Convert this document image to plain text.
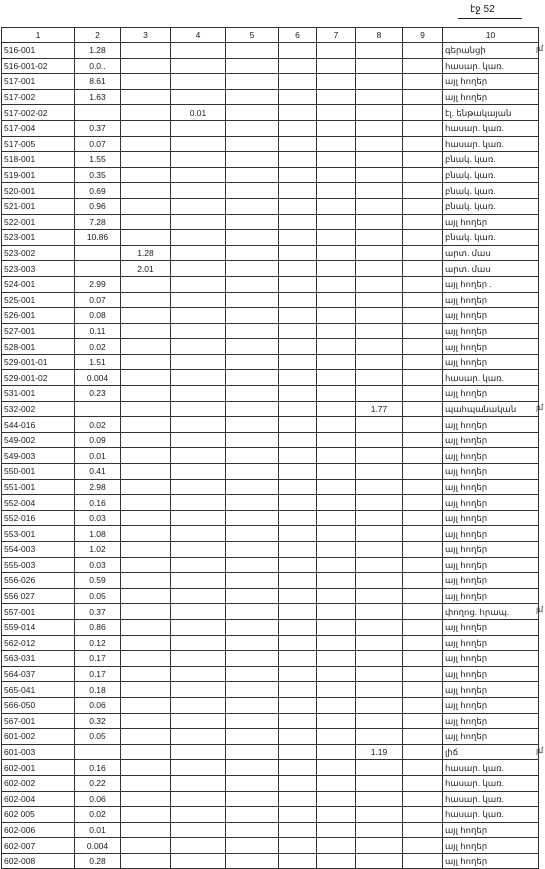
էջ 52
1	2	3	4	5	6	7	8	9	10
516-001	1.28								գերանցի
516-001-02	0.0..								հասար. կառ.
517-001	8.61								այլ հողեր
517-002	1.63								այլ հողեր
517-002-02			0.01						էլ. ենթակայան
517-004	0.37								հասար. կառ.
517-005	0.07								հասար. կառ.
518-001	1.55								բնակ. կառ.
519-001	0.35								բնակ. կառ.
520-001	0.69								բնակ. կառ.
521-001	0.96								բնակ. կառ.
522-001	7.28								այլ հողեր
523-001	10.86								բնակ. կառ.
523-002		1.28							արտ. մաս
523-003		2.01							արտ. մաս
524-001	2.99								այլ հողեր .
525-001	0.07								այլ հողեր
526-001	0.08								այլ հողեր
527-001	0.11								այլ հողեր
528-001	0.02								այլ հողեր
529-001-01	1.51								այլ հողեր
529-001-02	0.004								հասար. կառ.
531-001	0.23								այլ հողեր
532-002							1.77		պահպանական
544-016	0.02								այլ հողեր
549-002	0.09								այլ հողեր
549-003	0.01								այլ հողեր
550-001	0.41								այլ հողեր
551-001	2.98								այլ հողեր
552-004	0.16								այլ հողեր
552-016	0.03								այլ հողեր
553-001	1.08								այլ հողեր
554-003	1.02								այլ հողեր
555-003	0.03								այլ հողեր
556-026	0.59								այլ հողեր
556 027	0.05								այլ հողեր
557-001	0.37								փողոց. հրապ.
559-014	0.86								այլ հողեր
562-012	0.12								այլ հողեր
563-031	0.17								այլ հողեր
564-037	0.17								այլ հողեր
565-041	0.18								այլ հողեր
566-050	0.06								այլ հողեր
567-001	0.32								այլ հողեր
601-002	0.05								այլ հողեր
601-003							1.19		լիճ
602-001	0.16								հասար. կառ.
602-002	0.22								հասար. կառ.
602-004	0.06								հասար. կառ.
602 005	0.02								հասար. կառ.
602-006	0.01								այլ հողեր
602-007	0.004								այլ հողեր
602-008	0.28								այլ հողեր
յմ
յմ
յմ
յմ
